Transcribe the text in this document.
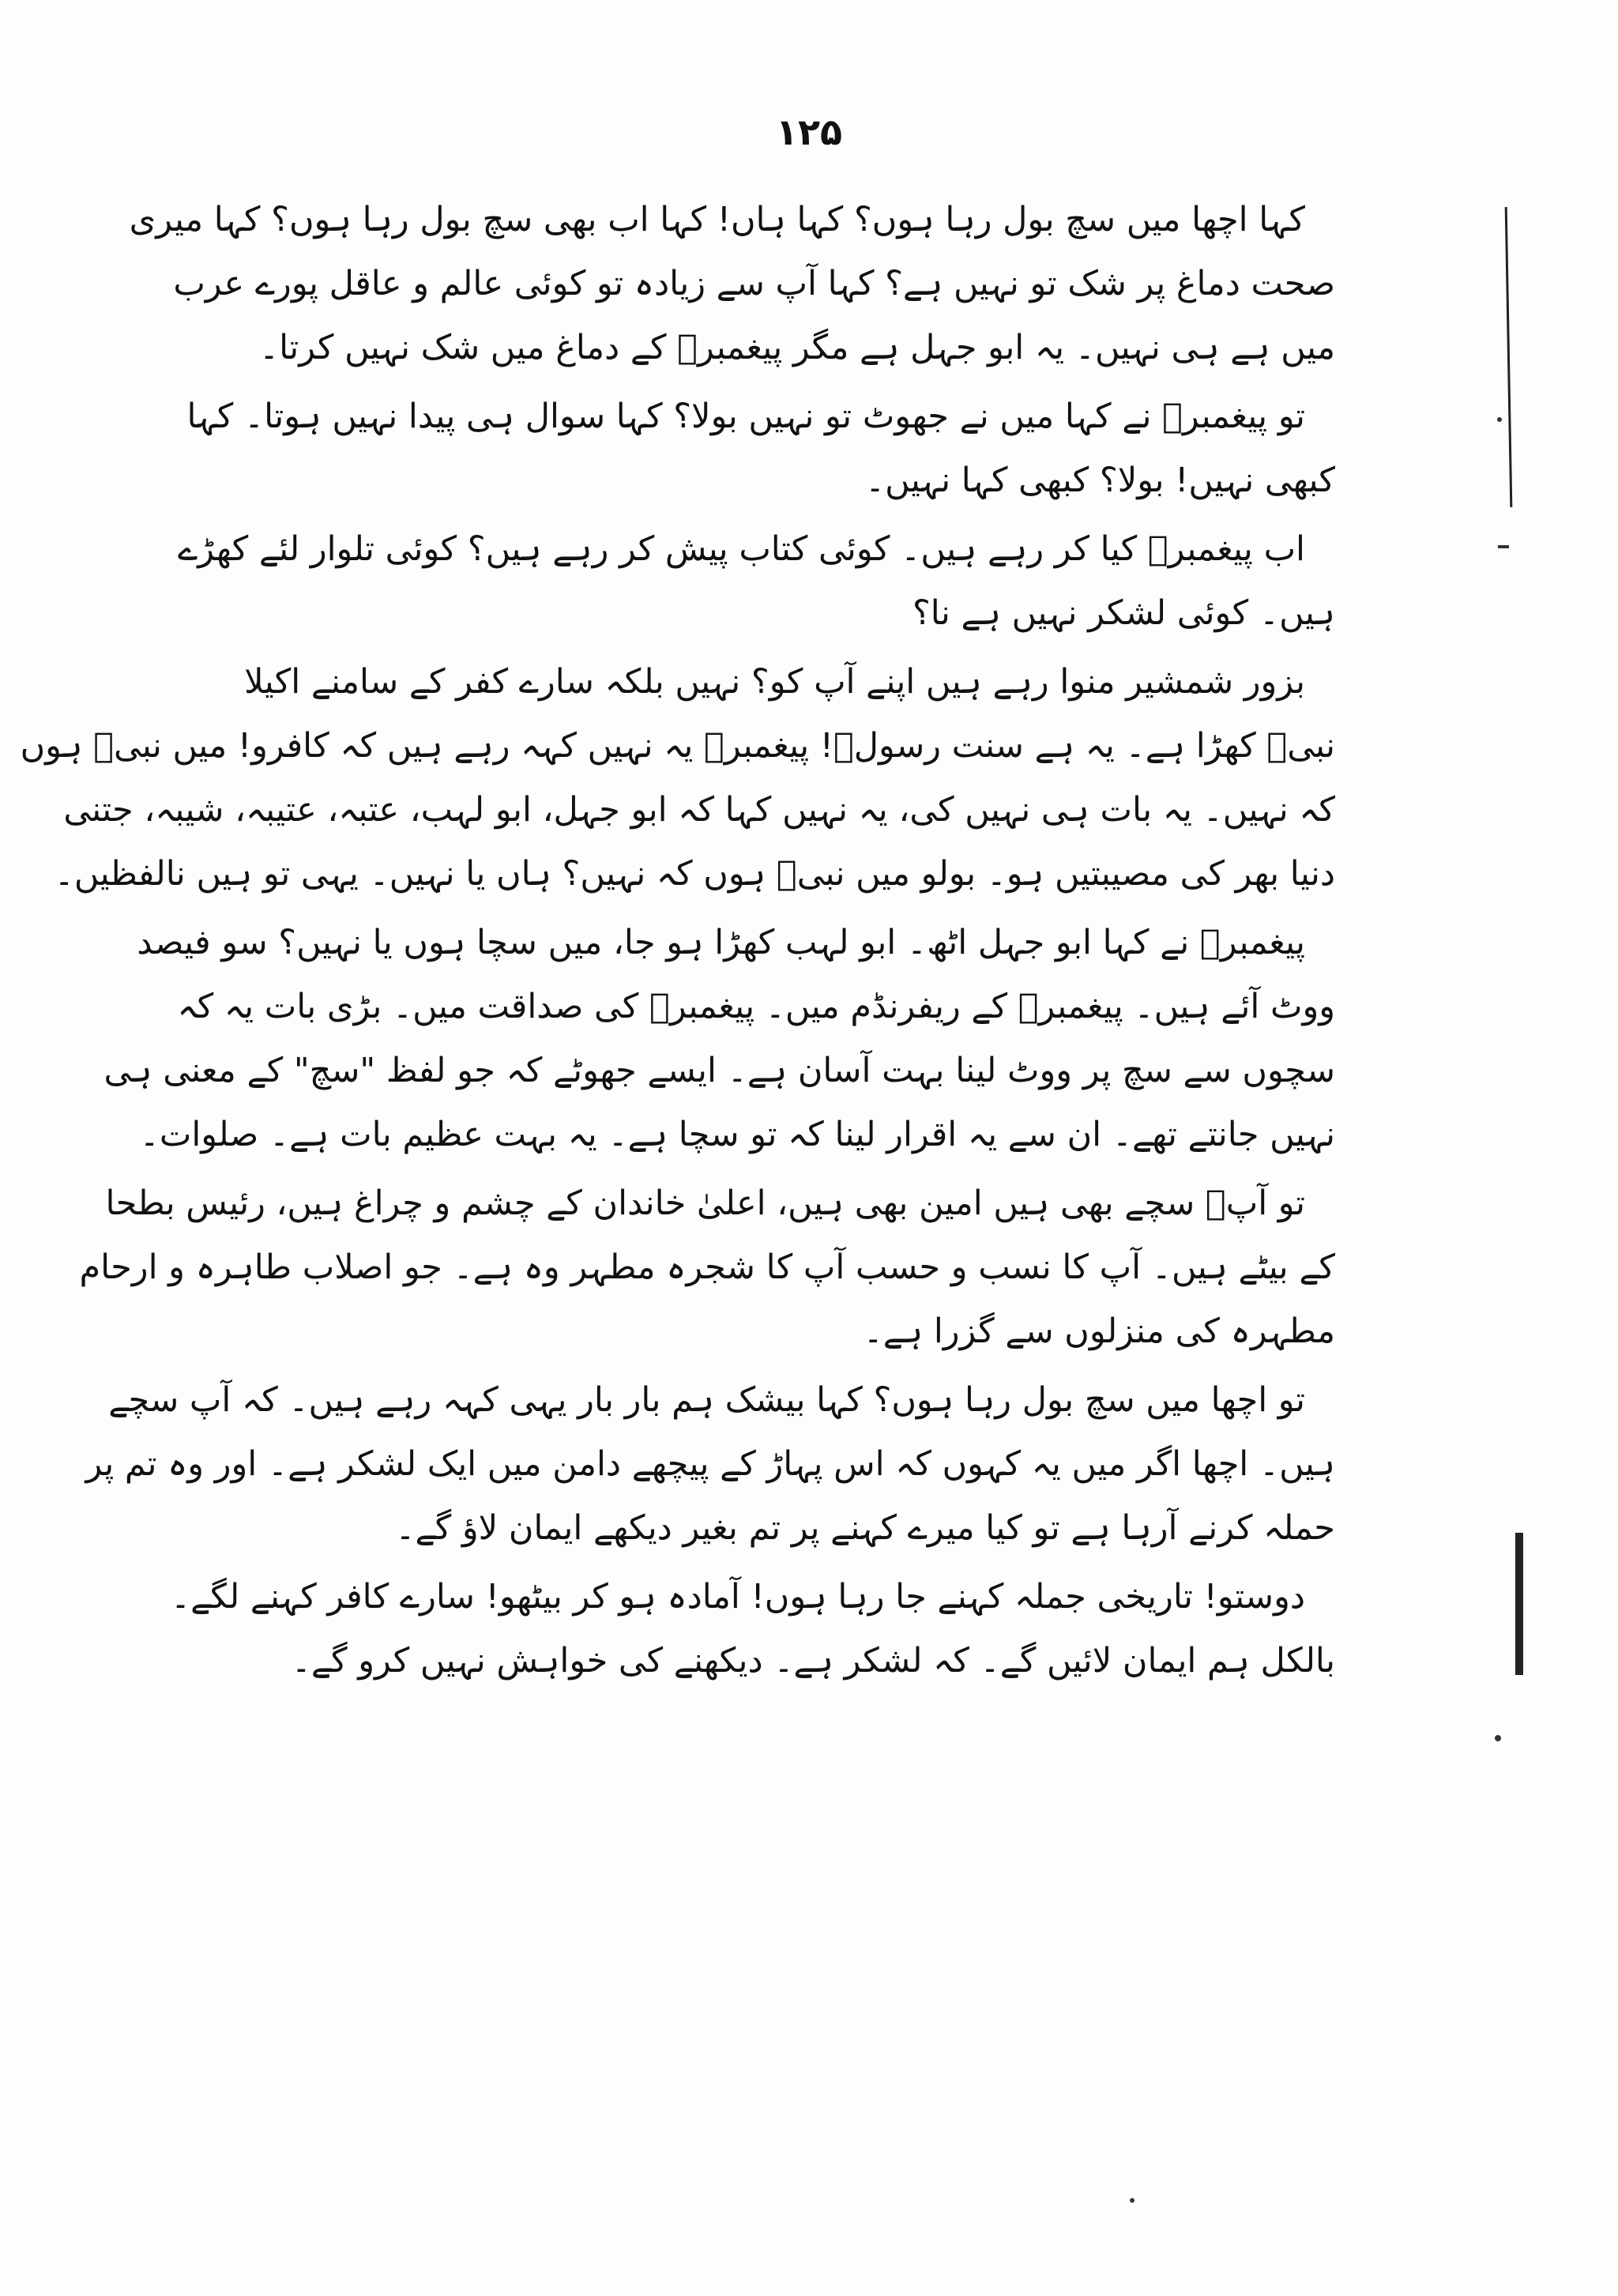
۱۲۵

کہا اچھا میں سچ بول رہا ہوں؟ کہا ہاں! کہا اب بھی سچ بول رہا ہوں؟ کہا میری
صحت دماغ پر شک تو نہیں ہے؟ کہا آپ سے زیادہ تو کوئی عالم و عاقل پورے عرب
میں ہے ہی نہیں۔ یہ ابو جہل ہے مگر پیغمبرؐ کے دماغ میں شک نہیں کرتا۔

تو پیغمبرؐ نے کہا میں نے جھوٹ تو نہیں بولا؟ کہا سوال ہی پیدا نہیں ہوتا۔ کہا
کبھی نہیں! بولا؟ کبھی کہا نہیں۔

اب پیغمبرؐ کیا کر رہے ہیں۔ کوئی کتاب پیش کر رہے ہیں؟ کوئی تلوار لئے کھڑے
ہیں۔ کوئی لشکر نہیں ہے نا؟

بزور شمشیر منوا رہے ہیں اپنے آپ کو؟ نہیں بلکہ سارے کفر کے سامنے اکیلا
نبیؐ کھڑا ہے۔ یہ ہے سنت رسولؐ! پیغمبرؐ یہ نہیں کہہ رہے ہیں کہ کافرو! میں نبیؐ ہوں
کہ نہیں۔ یہ بات ہی نہیں کی، یہ نہیں کہا کہ ابو جہل، ابو لہب، عتبہ، عتیبہ، شیبہ، جتنی
دنیا بھر کی مصیبتیں ہو۔ بولو میں نبیؐ ہوں کہ نہیں؟ ہاں یا نہیں۔ یہی تو ہیں نالفظیں۔

پیغمبرؐ نے کہا ابو جہل اٹھ۔ ابو لہب کھڑا ہو جا، میں سچا ہوں یا نہیں؟ سو فیصد
ووٹ آئے ہیں۔ پیغمبرؐ کے ریفرنڈم میں۔ پیغمبرؐ کی صداقت میں۔ بڑی بات یہ کہ
سچوں سے سچ پر ووٹ لینا بہت آسان ہے۔ ایسے جھوٹے کہ جو لفظ "سچ" کے معنی ہی
نہیں جانتے تھے۔ ان سے یہ اقرار لینا کہ تو سچا ہے۔ یہ بہت عظیم بات ہے۔ صلوات۔

تو آپؐ سچے بھی ہیں امین بھی ہیں، اعلیٰ خاندان کے چشم و چراغ ہیں، رئیس بطحا
کے بیٹے ہیں۔ آپ کا نسب و حسب آپ کا شجرہ مطہر وہ ہے۔ جو اصلاب طاہرہ و ارحام
مطہرہ کی منزلوں سے گزرا ہے۔

تو اچھا میں سچ بول رہا ہوں؟ کہا بیشک ہم بار بار یہی کہہ رہے ہیں۔ کہ آپ سچے
ہیں۔ اچھا اگر میں یہ کہوں کہ اس پہاڑ کے پیچھے دامن میں ایک لشکر ہے۔ اور وہ تم پر
حملہ کرنے آرہا ہے تو کیا میرے کہنے پر تم بغیر دیکھے ایمان لاؤ گے۔

دوستو! تاریخی جملہ کہنے جا رہا ہوں! آمادہ ہو کر بیٹھو! سارے کافر کہنے لگے۔
بالکل ہم ایمان لائیں گے۔ کہ لشکر ہے۔ دیکھنے کی خواہش نہیں کرو گے۔
